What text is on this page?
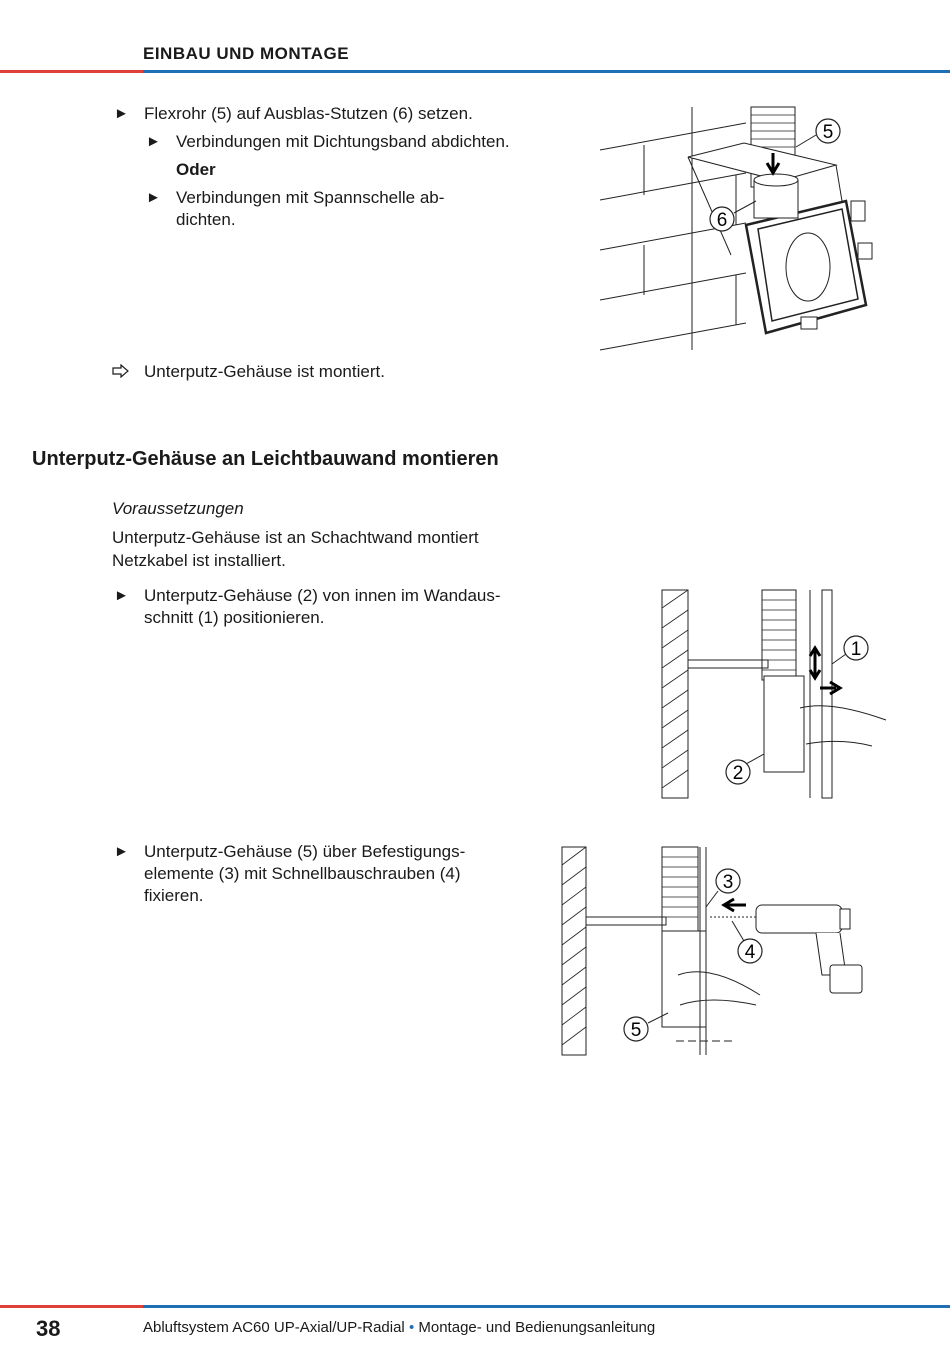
EINBAU UND MONTAGE
► Flexrohr (5) auf Ausblas-Stutzen (6) setzen.
► Verbindungen mit Dichtungsband abdichten.
Oder
► Verbindungen mit Spannschelle ab-
dichten.
Unterputz-Gehäuse ist montiert.
5
6
Unterputz-Gehäuse an Leichtbauwand montieren
Voraussetzungen
Unterputz-Gehäuse ist an Schachtwand montiert
Netzkabel ist installiert.
► Unterputz-Gehäuse (2) von innen im Wandaus-
schnitt (1) positionieren.
1
2
► Unterputz-Gehäuse (5) über Befestigungs-
elemente (3) mit Schnellbauschrauben (4)
fixieren.
3
4
5
38	Abluftsystem AC60 UP-Axial/UP-Radial • Montage- und Bedienungsanleitung
